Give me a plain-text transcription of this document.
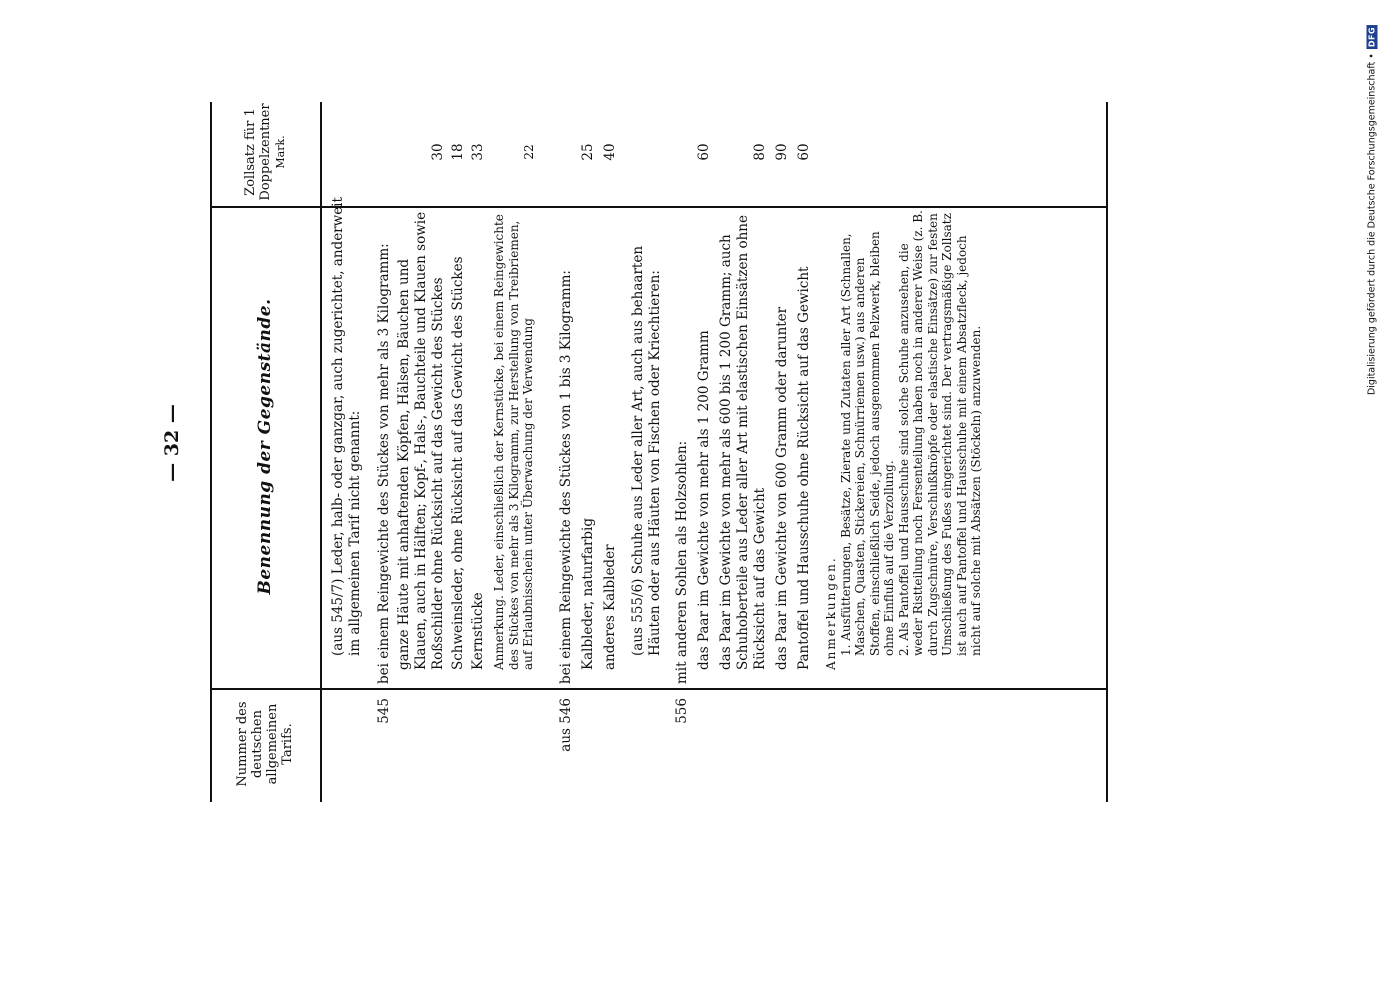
— 32 —
Digitalisierung gefördert durch die Deutsche Forschungsgemeinschaft •
DFG
Nummer des deutschen allgemeinen Tarifs.
Benennung der Gegenstände.
Zollsatz für 1 Doppelzentner Mark.
(aus 545/7) Leder, halb- oder ganzgar, auch zugerichtet, anderweit im allgemeinen Tarif nicht genannt:
545
bei einem Reingewichte des Stückes von mehr als 3 Kilogramm: ganze Häute mit anhaftenden Köpfen, Hälsen, Bäuchen und Klauen, auch in Hälften; Kopf-, Hals-, Bauchteile und Klauen sowie Roßschilder ohne Rücksicht auf das Gewicht des Stückes
30
Schweinsleder, ohne Rücksicht auf das Gewicht des Stückes
18
Kernstücke
33
Anmerkung. Leder, einschließlich der Kernstücke, bei einem Reingewichte des Stückes von mehr als 3 Kilogramm, zur Herstellung von Treibriemen, auf Erlaubnisschein unter Überwachung der Verwendung
22
aus 546
bei einem Reingewichte des Stückes von 1 bis 3 Kilogramm: Kalbleder, naturfarbig
25
anderes Kalbleder
40
(aus 555/6) Schuhe aus Leder aller Art, auch aus behaarten Häuten oder aus Häuten von Fischen oder Kriechtieren:
556
mit anderen Sohlen als Holzsohlen: das Paar im Gewichte von mehr als 1 200 Gramm
60
das Paar im Gewichte von mehr als 600 bis 1 200 Gramm; auch Schuhoberteile aus Leder aller Art mit elastischen Einsätzen ohne Rücksicht auf das Gewicht
80
das Paar im Gewichte von 600 Gramm oder darunter
90
Pantoffel und Hausschuhe ohne Rücksicht auf das Gewicht
60
Anmerkungen. 1. Ausfütterungen, Besätze, Zierate und Zutaten aller Art (Schnallen, Maschen, Quasten, Stickereien, Schnürriemen usw.) aus anderen Stoffen, einschließlich Seide, jedoch ausgenommen Pelzwerk, bleiben ohne Einfluß auf die Verzollung. 2. Als Pantoffel und Hausschuhe sind solche Schuhe anzusehen, die weder Ristteilung noch Fersenteilung haben noch in anderer Weise (z. B. durch Zugschnüre, Verschlußknöpfe oder elastische Einsätze) zur festen Umschließung des Fußes eingerichtet sind. Der vertragsmäßige Zollsatz ist auch auf Pantoffel und Hausschuhe mit einem Absatzfleck, jedoch nicht auf solche mit Absätzen (Stöckeln) anzuwenden.
